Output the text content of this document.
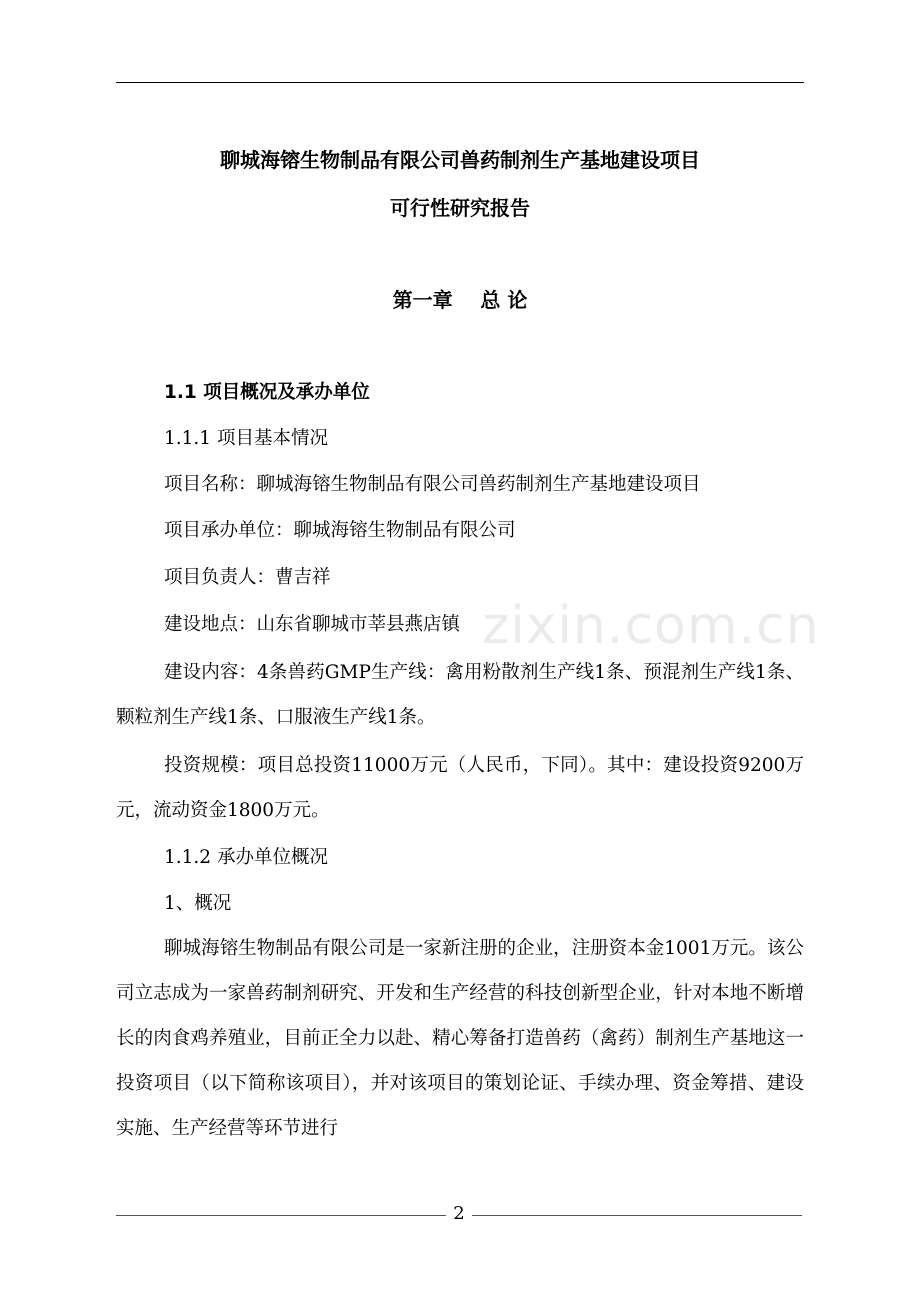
聊城海镕生物制品有限公司兽药制剂生产基地建设项目
可行性研究报告
第一章    总 论
1.1 项目概况及承办单位
1.1.1 项目基本情况
项目名称：聊城海镕生物制品有限公司兽药制剂生产基地建设项目
项目承办单位：聊城海镕生物制品有限公司
项目负责人：曹吉祥
建设地点：山东省聊城市莘县燕店镇
建设内容：4条兽药GMP生产线：禽用粉散剂生产线1条、预混剂生产线1条、颗粒剂生产线1条、口服液生产线1条。
投资规模：项目总投资11000万元（人民币，下同）。其中：建设投资9200万元，流动资金1800万元。
1.1.2 承办单位概况
1、概况
聊城海镕生物制品有限公司是一家新注册的企业，注册资本金1001万元。该公司立志成为一家兽药制剂研究、开发和生产经营的科技创新型企业，针对本地不断增长的肉食鸡养殖业，目前正全力以赴、精心筹备打造兽药（禽药）制剂生产基地这一投资项目（以下简称该项目），并对该项目的策划论证、手续办理、资金筹措、建设实施、生产经营等环节进行
zixin.com.cn
2
